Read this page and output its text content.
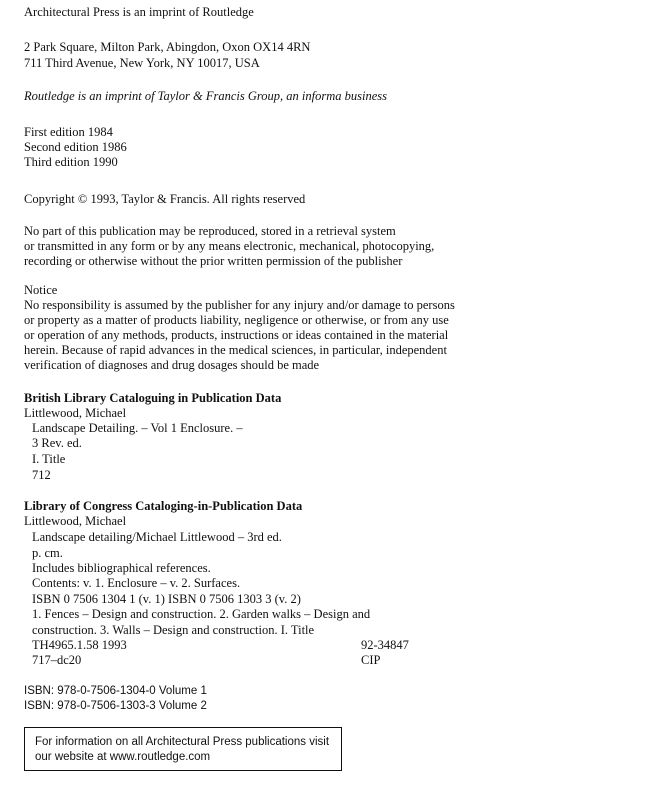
Architectural Press is an imprint of Routledge
2 Park Square, Milton Park, Abingdon, Oxon OX14 4RN
711 Third Avenue, New York, NY 10017, USA
Routledge is an imprint of Taylor & Francis Group, an informa business
First edition 1984
Second edition 1986
Third edition 1990
Copyright © 1993, Taylor & Francis. All rights reserved
No part of this publication may be reproduced, stored in a retrieval system
or transmitted in any form or by any means electronic, mechanical, photocopying,
recording or otherwise without the prior written permission of the publisher
Notice
No responsibility is assumed by the publisher for any injury and/or damage to persons
or property as a matter of products liability, negligence or otherwise, or from any use
or operation of any methods, products, instructions or ideas contained in the material
herein. Because of rapid advances in the medical sciences, in particular, independent
verification of diagnoses and drug dosages should be made
British Library Cataloguing in Publication Data
Littlewood, Michael
Landscape Detailing. – Vol 1 Enclosure. –
3 Rev. ed.
I. Title
712
Library of Congress Cataloging-in-Publication Data
Littlewood, Michael
Landscape detailing/Michael Littlewood – 3rd ed.
p. cm.
Includes bibliographical references.
Contents: v. 1. Enclosure – v. 2. Surfaces.
ISBN 0 7506 1304 1 (v. 1) ISBN 0 7506 1303 3 (v. 2)
1. Fences – Design and construction. 2. Garden walks – Design and
construction. 3. Walls – Design and construction. I. Title
TH4965.1.58 1993	92-34847
717–dc20	CIP
ISBN: 978-0-7506-1304-0 Volume 1
ISBN: 978-0-7506-1303-3 Volume 2
For information on all Architectural Press publications visit
our website at www.routledge.com
